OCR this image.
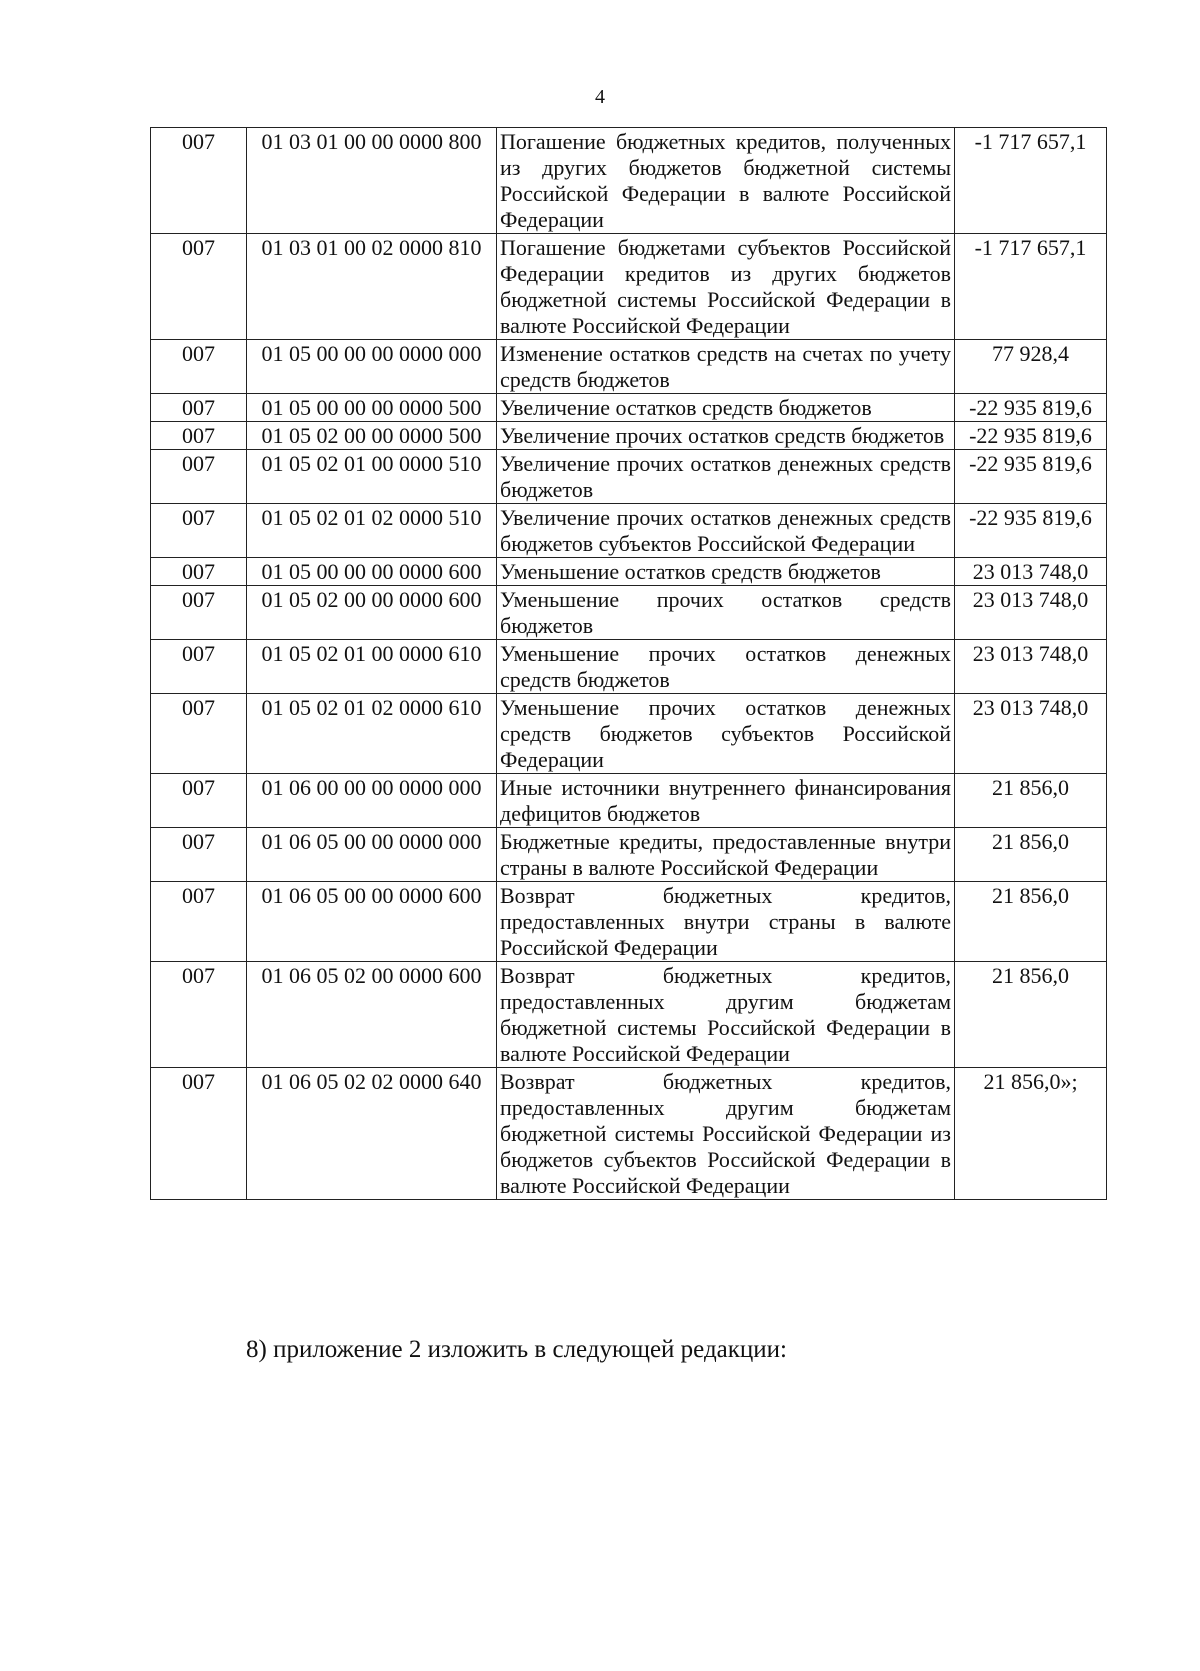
4
007	01 03 01 00 00 0000 800	Погашение бюджетных кредитов, полученных из других бюджетов бюджетной системы Российской Федерации в валюте Российской Федерации	-1 717 657,1
007	01 03 01 00 02 0000 810	Погашение бюджетами субъектов Российской Федерации кредитов из других бюджетов бюджетной системы Российской Федерации в валюте Российской Федерации	-1 717 657,1
007	01 05 00 00 00 0000 000	Изменение остатков средств на счетах по учету средств бюджетов	77 928,4
007	01 05 00 00 00 0000 500	Увеличение остатков средств бюджетов	-22 935 819,6
007	01 05 02 00 00 0000 500	Увеличение прочих остатков средств бюджетов	-22 935 819,6
007	01 05 02 01 00 0000 510	Увеличение прочих остатков денежных средств бюджетов	-22 935 819,6
007	01 05 02 01 02 0000 510	Увеличение прочих остатков денежных средств бюджетов субъектов Российской Федерации	-22 935 819,6
007	01 05 00 00 00 0000 600	Уменьшение остатков средств бюджетов	23 013 748,0
007	01 05 02 00 00 0000 600	Уменьшение прочих остатков средств бюджетов	23 013 748,0
007	01 05 02 01 00 0000 610	Уменьшение прочих остатков денежных средств бюджетов	23 013 748,0
007	01 05 02 01 02 0000 610	Уменьшение прочих остатков денежных средств бюджетов субъектов Российской Федерации	23 013 748,0
007	01 06 00 00 00 0000 000	Иные источники внутреннего финансирования дефицитов бюджетов	21 856,0
007	01 06 05 00 00 0000 000	Бюджетные кредиты, предоставленные внутри страны в валюте Российской Федерации	21 856,0
007	01 06 05 00 00 0000 600	Возврат бюджетных кредитов, предоставленных внутри страны в валюте Российской Федерации	21 856,0
007	01 06 05 02 00 0000 600	Возврат бюджетных кредитов, предоставленных другим бюджетам бюджетной системы Российской Федерации в валюте Российской Федерации	21 856,0
007	01 06 05 02 02 0000 640	Возврат бюджетных кредитов, предоставленных другим бюджетам бюджетной системы Российской Федерации из бюджетов субъектов Российской Федерации в валюте Российской Федерации	21 856,0»;
8) приложение 2 изложить в следующей редакции:
